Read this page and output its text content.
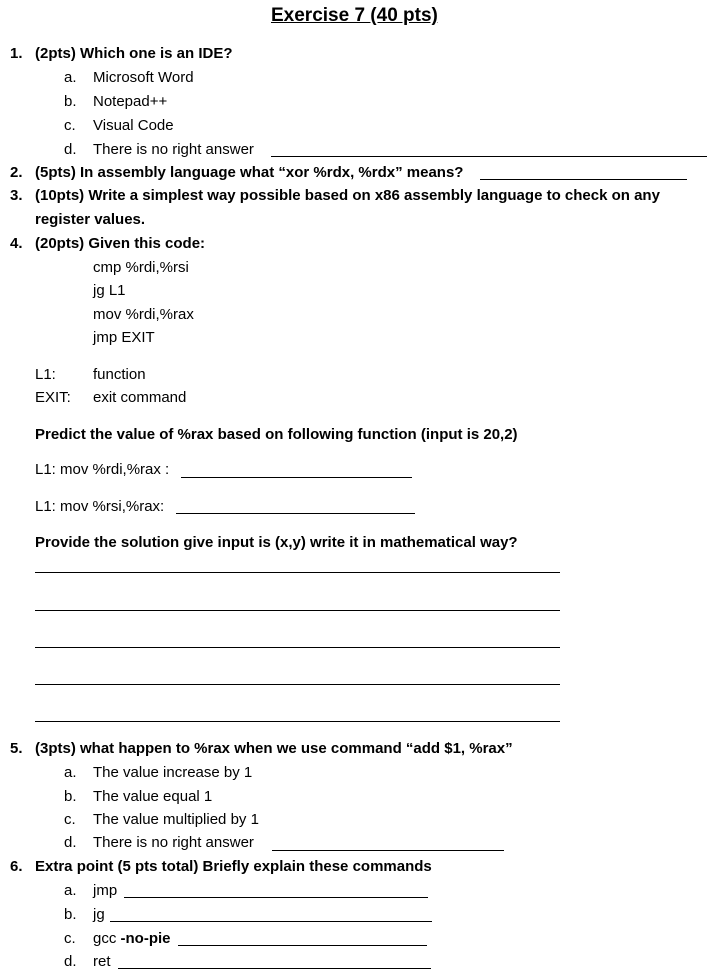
Exercise 7 (40 pts)
1. (2pts) Which one is an IDE?
a. Microsoft Word
b. Notepad++
c. Visual Code
d. There is no right answer
2. (5pts) In assembly language what “xor %rdx, %rdx” means?
3. (10pts) Write a simplest way possible based on x86 assembly language to check on any
register values.
4. (20pts) Given this code:
cmp %rdi,%rsi
jg L1
mov %rdi,%rax
jmp EXIT
L1: function
EXIT: exit command
Predict the value of %rax based on following function (input is 20,2)
L1: mov %rdi,%rax :
L1: mov %rsi,%rax:
Provide the solution give input is (x,y) write it in mathematical way?
5. (3pts) what happen to %rax when we use command “add $1, %rax”
a. The value increase by 1
b. The value equal 1
c. The value multiplied by 1
d. There is no right answer
6. Extra point (5 pts total) Briefly explain these commands
a. jmp
b. jg
c. gcc -no-pie
d. ret
